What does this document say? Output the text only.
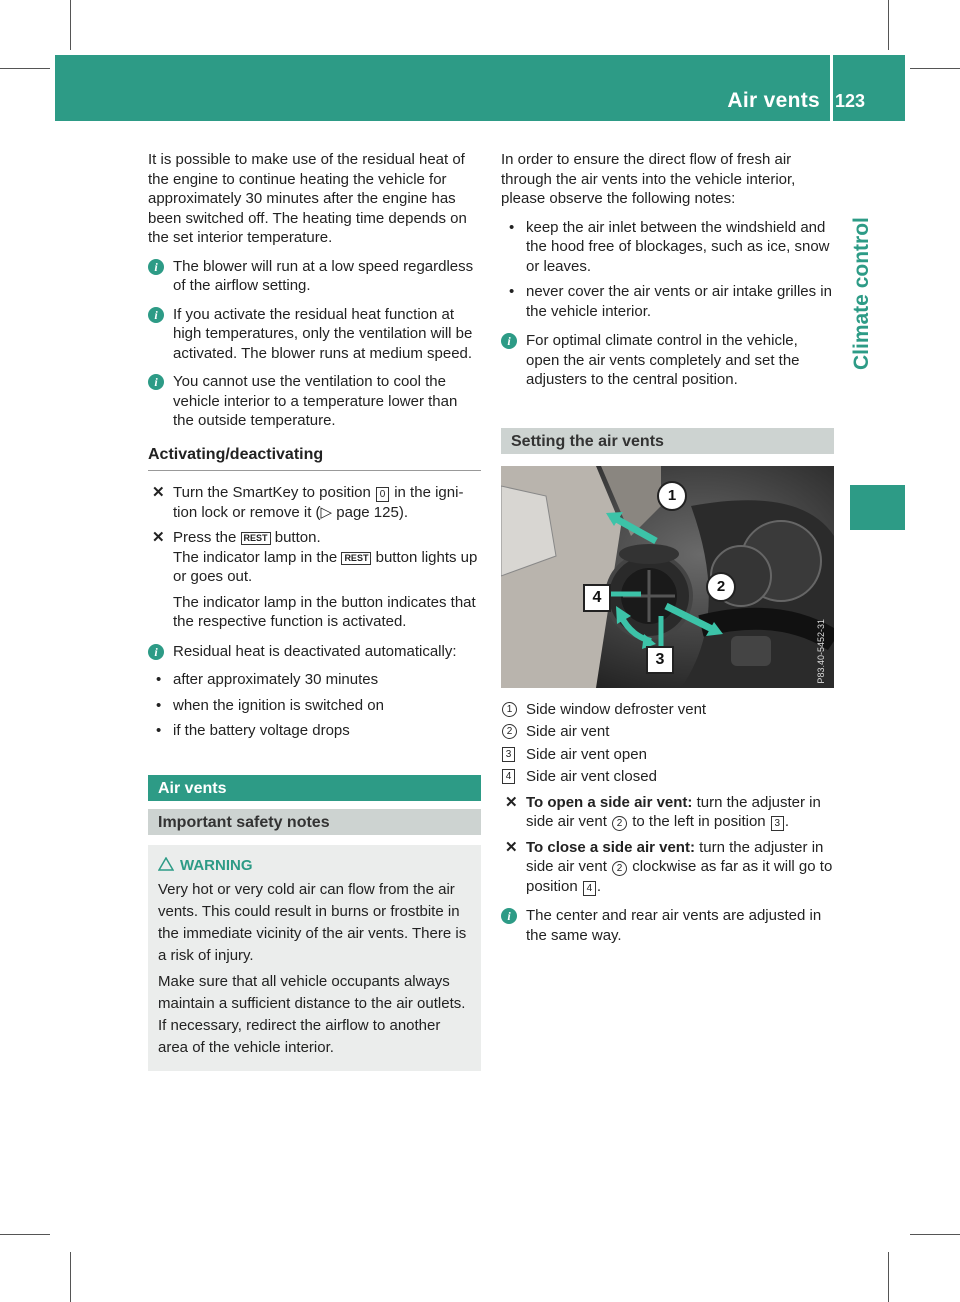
Air vents 123
Climate control

It is possible to make use of the residual heat of the engine to continue heating the vehicle for approximately 30 minutes after the engine has been switched off. The heating time depends on the set interior temperature.

i	The blower will run at a low speed regardless of the airflow setting.
i	If you activate the residual heat function at high temperatures, only the ventilation will be activated. The blower runs at medium speed.
i	You cannot use the ventilation to cool the vehicle interior to a temperature lower than the outside temperature.
Activating/deactivating
✕ Turn the SmartKey to position 0 in the ignition lock or remove it (▷ page 125).
✕ Press the REST button.
The indicator lamp in the REST button lights up or goes out.
The indicator lamp in the button indicates that the respective function is activated.
i	Residual heat is deactivated automatically:
• after approximately 30 minutes
• when the ignition is switched on
• if the battery voltage drops
Air vents
Important safety notes
WARNING

Very hot or very cold air can flow from the air vents. This could result in burns or frostbite in the immediate vicinity of the air vents. There is a risk of injury.

Make sure that all vehicle occupants always maintain a sufficient distance to the air outlets. If necessary, redirect the airflow to another area of the vehicle interior.

In order to ensure the direct flow of fresh air through the air vents into the vehicle interior, please observe the following notes:

• keep the air inlet between the windshield and the hood free of blockages, such as ice, snow or leaves.
• never cover the air vents or air intake grilles in the vehicle interior.
i	For optimal climate control in the vehicle, open the air vents completely and set the adjusters to the central position.
Setting the air vents
1
2
3
4
P83.40-5452-31
1 Side window defroster vent
2 Side air vent
3 Side air vent open
4 Side air vent closed
✕ To open a side air vent: turn the adjuster in side air vent 2 to the left in position 3 .
✕ To close a side air vent: turn the adjuster in side air vent 2 clockwise as far as it will go to position 4 .
i	The center and rear air vents are adjusted in the same way.
